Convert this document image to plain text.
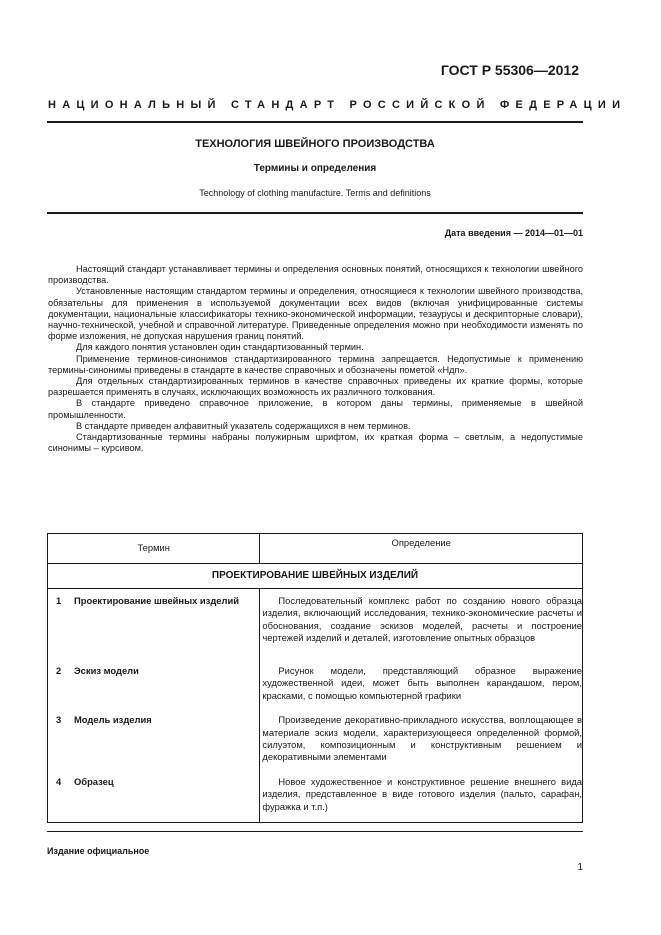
ГОСТ Р 55306—2012
НАЦИОНАЛЬНЫЙ СТАНДАРТ РОССИЙСКОЙ ФЕДЕРАЦИИ
ТЕХНОЛОГИЯ ШВЕЙНОГО ПРОИЗВОДСТВА
Термины и определения
Technology of clothing manufacture. Terms and definitions
Дата введения — 2014—01—01

Настоящий стандарт устанавливает термины и определения основных понятий, относящихся к технологии швейного производства.

Установленные настоящим стандартом термины и определения, относящиеся к технологии швейного производства, обязательны для применения в используемой документации всех видов (включая унифицированные системы документации, национальные классификаторы технико-экономической информации, тезаурусы и дескрипторные словари), научно-технической, учебной и справочной литературе. Приведенные определения можно при необходимости изменять по форме изложения, не допуская нарушения границ понятий.

Для каждого понятия установлен один стандартизованный термин.

Применение терминов-синонимов стандартизированного термина запрещается. Недопустимые к применению термины-синонимы приведены в стандарте в качестве справочных и обозначены пометой «Ндп».

Для отдельных стандартизированных терминов в качестве справочных приведены их краткие формы, которые разрешается применять в случаях, исключающих возможность их различного толкования.

В стандарте приведено справочное приложение, в котором даны термины, применяемые в швейной промышленности.

В стандарте приведен алфавитный указатель содержащихся в нем терминов.

Стандартизованные термины набраны полужирным шрифтом, их краткая форма – светлым, а недопустимые синонимы – курсивом.

Термин	Определение
ПРОЕКТИРОВАНИЕ ШВЕЙНЫХ ИЗДЕЛИЙ	
1 Проектирование швейных изделий	Последовательный комплекс работ по созданию нового образца изделия, включающий исследования, технико-экономические расчеты и обоснования, создание эскизов моделей, расчеты и построение чертежей изделий и деталей, изготовление опытных образцов

2 Эскиз модели	Рисунок модели, представляющий образное выражение художественной идеи, может быть выполнен карандашом, пером, красками, с помощью компьютерной графики

3 Модель изделия	Произведение декоративно-прикладного искусства, воплощающее в материале эскиз модели, характеризующееся определенной формой, силуэтом, композиционным и конструктивным решением и декоративными элементами

4 Образец	Новое художественное и конструктивное решение внешнего вида изделия, представленное в виде готового изделия (пальто, сарафан, фуражка и т.п.)
Издание официальное
1
